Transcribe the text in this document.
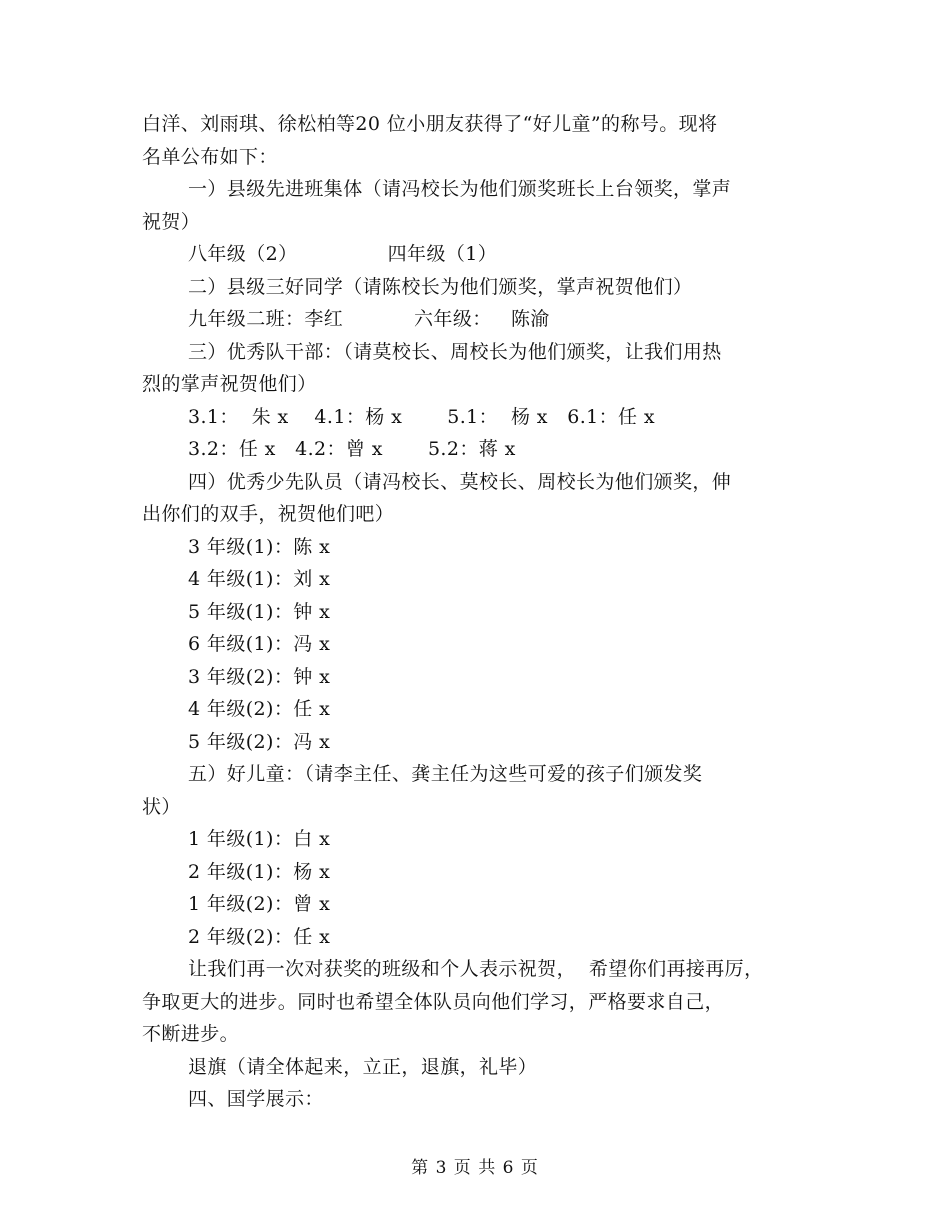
白洋、刘雨琪、徐松柏等20 位小朋友获得了“好儿童”的称号。现将
名单公布如下：
一）县级先进班集体（请冯校长为他们颁奖班长上台领奖，掌声
祝贺）
八年级（2）              四年级（1）
二）县级三好同学（请陈校长为他们颁奖，掌声祝贺他们）
九年级二班：李红           六年级：   陈渝
三）优秀队干部：（请莫校长、周校长为他们颁奖，让我们用热
烈的掌声祝贺他们）
3.1：  朱 x    4.1：杨 x       5.1：  杨 x   6.1：任 x
3.2：任 x   4.2：曾 x       5.2：蒋 x
四）优秀少先队员（请冯校长、莫校长、周校长为他们颁奖，伸
出你们的双手，祝贺他们吧）
3 年级(1)：陈 x
4 年级(1)：刘 x
5 年级(1)：钟 x
6 年级(1)：冯 x
3 年级(2)：钟 x
4 年级(2)：任 x
5 年级(2)：冯 x
五）好儿童：（请李主任、龚主任为这些可爱的孩子们颁发奖
状）
1 年级(1)：白 x
2 年级(1)：杨 x
1 年级(2)：曾 x
2 年级(2)：任 x
让我们再一次对获奖的班级和个人表示祝贺，  希望你们再接再厉，
争取更大的进步。同时也希望全体队员向他们学习，严格要求自己，
不断进步。
退旗（请全体起来，立正，退旗，礼毕）
四、国学展示：
第 3 页 共 6 页
